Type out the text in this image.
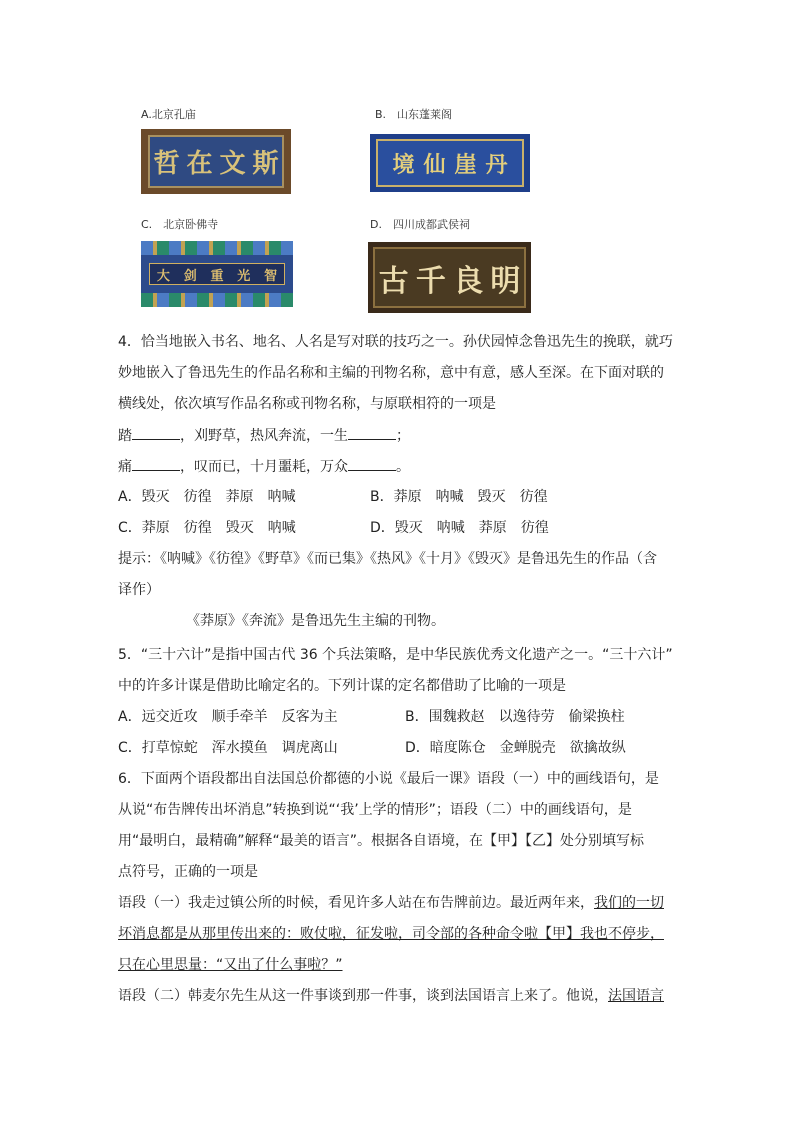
A.北京孔庙
哲 在 文 斯
B.　山东蓬莱阁
境 仙 崖 丹
C.　北京卧佛寺
大 剑 重 光 智
D.　四川成都武侯祠
古 千 良 明
4．恰当地嵌入书名、地名、人名是写对联的技巧之一。孙伏园悼念鲁迅先生的挽联，就巧
妙地嵌入了鲁迅先生的作品名称和主编的刊物名称，意中有意，感人至深。在下面对联的
横线处，依次填写作品名称或刊物名称，与原联相符的一项是
踏	，刈野草，热风奔流，一生	；
痛	，叹而已，十月噩耗，万众	。
A．毁灭 彷徨 莽原 呐喊	B．莽原 呐喊 毁灭 彷徨
C．莽原 彷徨 毁灭 呐喊	D．毁灭 呐喊 莽原 彷徨
提示：《呐喊》《彷徨》《野草》《而已集》《热风》《十月》《毁灭》是鲁迅先生的作品（含
译作）
《莽原》《奔流》是鲁迅先生主编的刊物。
5．“三十六计”是指中国古代 36 个兵法策略，是中华民族优秀文化遗产之一。“三十六计”
中的许多计谋是借助比喻定名的。下列计谋的定名都借助了比喻的一项是
A．远交近攻 顺手牵羊 反客为主	B．围魏救赵 以逸待劳 偷梁换柱
C．打草惊蛇 浑水摸鱼 调虎离山	D．暗度陈仓 金蝉脱壳 欲擒故纵
6．下面两个语段都出自法国总价都德的小说《最后一课》语段（一）中的画线语句，是
从说“布告牌传出坏消息”转换到说“‘我’上学的情形”；语段（二）中的画线语句，是
用“最明白，最精确”解释“最美的语言”。根据各自语境，在【甲】【乙】处分别填写标
点符号，正确的一项是
语段（一）我走过镇公所的时候，看见许多人站在布告牌前边。最近两年来，我们的一切
坏消息都是从那里传出来的：败仗啦，征发啦，司令部的各种命令啦【甲】我也不停步，
只在心里思量：“又出了什么事啦？”
语段（二）韩麦尔先生从这一件事谈到那一件事，谈到法国语言上来了。他说，法国语言
